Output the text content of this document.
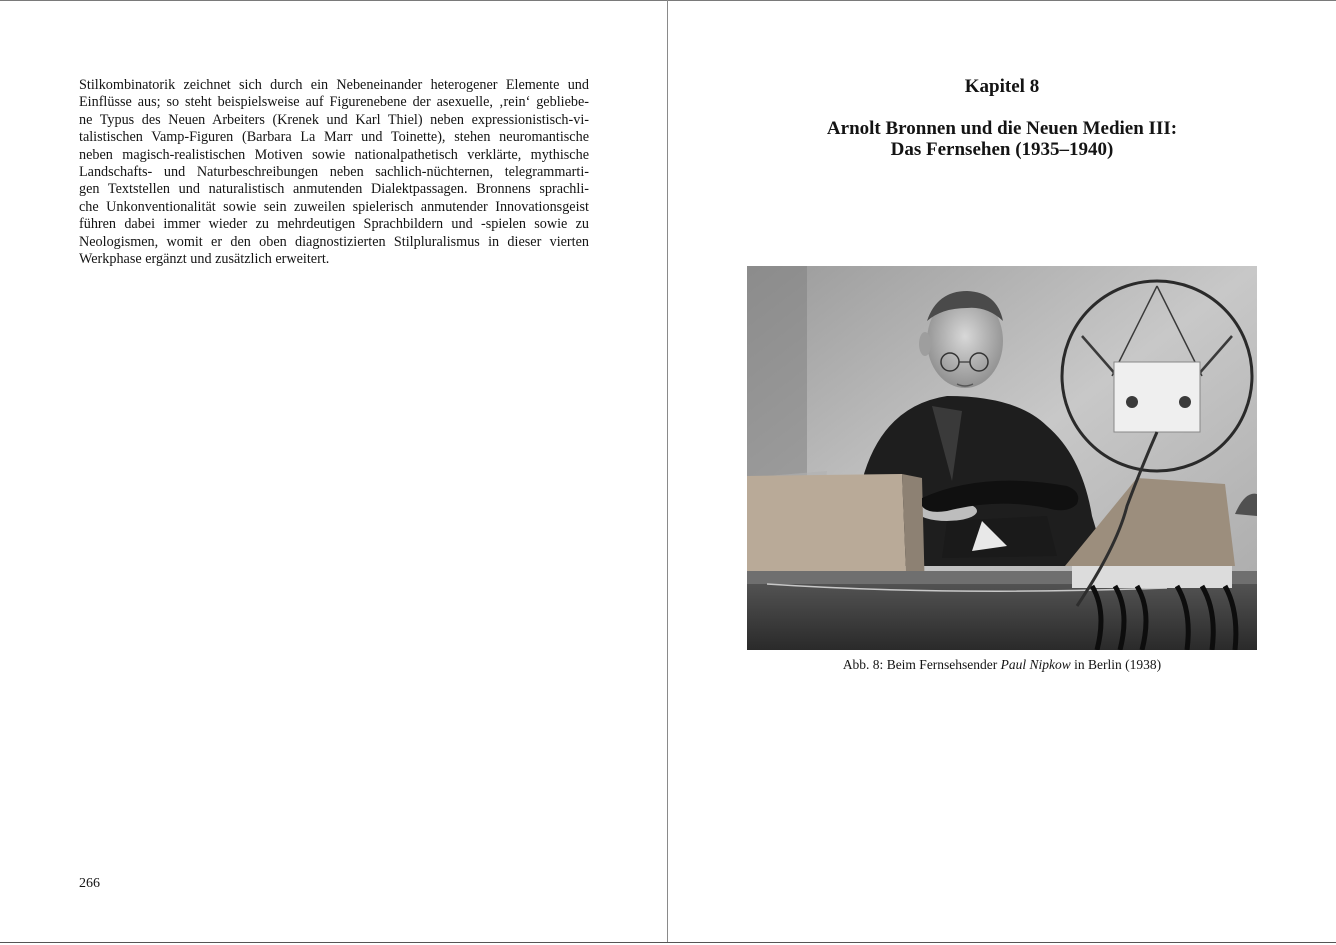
Stilkombinatorik zeichnet sich durch ein Nebeneinander heterogener Elemente und
Einflüsse aus; so steht beispielsweise auf Figurenebene der asexuelle, ‚rein‘ gebliebe-
ne Typus des Neuen Arbeiters (Krenek und Karl Thiel) neben expressionistisch-vi-
talistischen Vamp-Figuren (Barbara La Marr und Toinette), stehen neuromantische
neben magisch-realistischen Motiven sowie nationalpathetisch verklärte, mythische
Landschafts- und Naturbeschreibungen neben sachlich-nüchternen, telegrammarti-
gen Textstellen und naturalistisch anmutenden Dialektpassagen. Bronnens sprachli-
che Unkonventionalität sowie sein zuweilen spielerisch anmutender Innovationsgeist
führen dabei immer wieder zu mehrdeutigen Sprachbildern und -spielen sowie zu
Neologismen, womit er den oben diagnostizierten Stilpluralismus in dieser vierten
Werkphase ergänzt und zusätzlich erweitert.

266
Kapitel 8
Arnolt Bronnen und die Neuen Medien III:
Das Fernsehen (1935–1940)
Abb. 8: Beim Fernsehsender Paul Nipkow in Berlin (1938)
